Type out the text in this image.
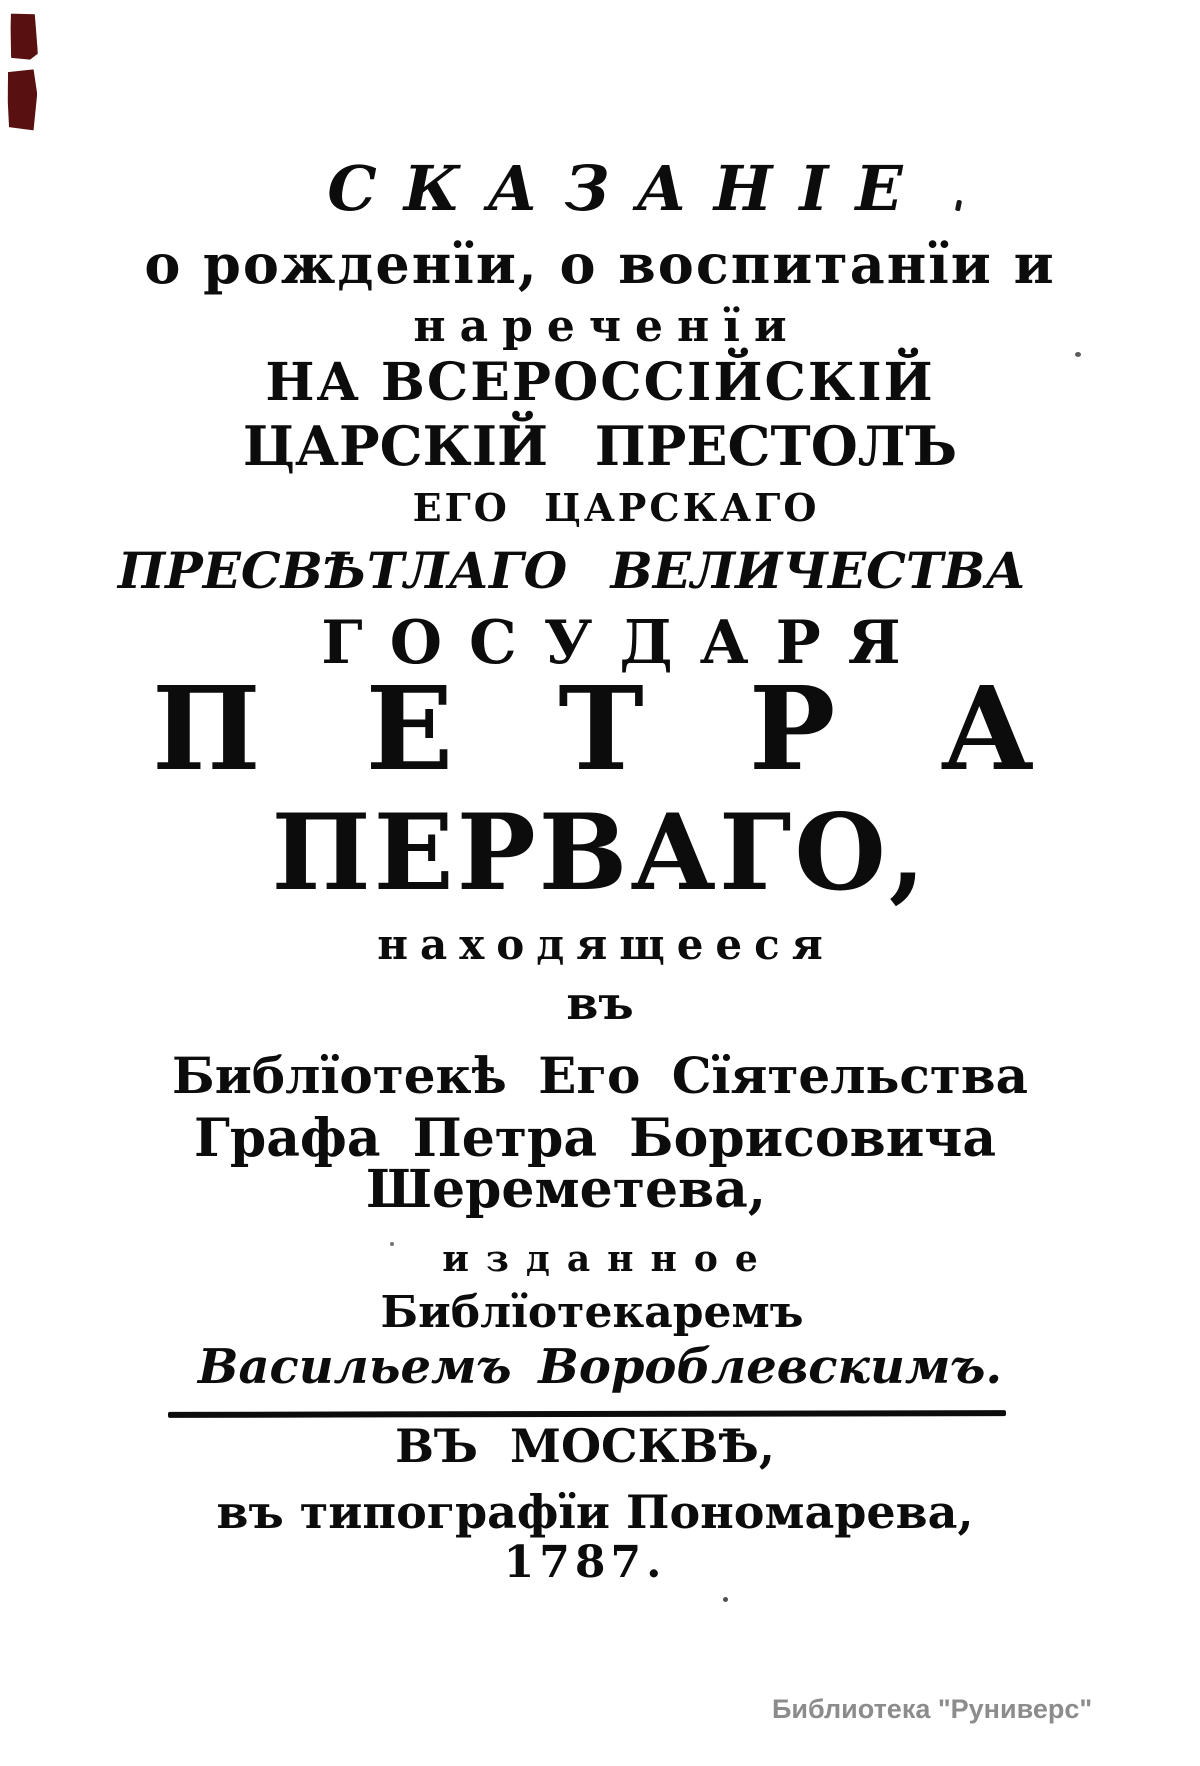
СКАЗАНІЕ
о рожденїи, о воспитанїи и
нареченїи
НА ВСЕРОССІЙСКІЙ
ЦАРСКІЙ ПРЕСТОЛЪ
ЕГО ЦАРСКАГО
ПРЕСВѢТЛАГО ВЕЛИЧЕСТВА
ГОСУДАРЯ
ПЕТРА
ПЕРВАГО,
находящееся
въ
Библїотекѣ Его Сїятельства
Графа Петра Борисовича
Шереметева,
изданное
Библїотекаремъ
Васильемъ Вороблевскимъ.
ВЪ МОСКВѢ,
въ типографїи Пономарева,
1787.
Библиотека "Руниверс"
